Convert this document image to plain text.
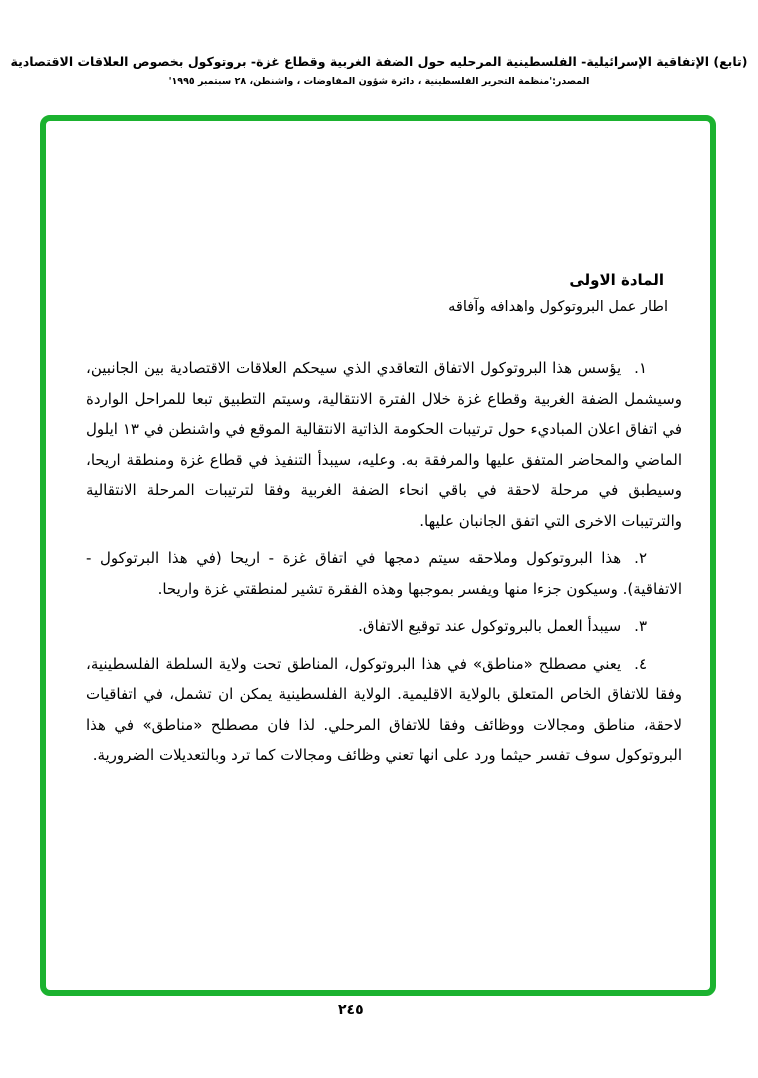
(تابع) الإتفاقية الإسرائيلية- الفلسطينية المرحليه حول الضفة الغربية وقطاع غزة- بروتوكول بخصوص العلاقات الاقتصادية
المصدر:'منظمة التحرير الفلسطينية ، دائرة شؤون المفاوضات ، واشنطن، ٢٨ سبتمبر ١٩٩٥'
المادة الاولى
اطار عمل البروتوكول واهدافه وآفاقه

١.يؤسس هذا البروتوكول الاتفاق التعاقدي الذي سيحكم العلاقات الاقتصادية بين الجانبين، وسيشمل الضفة الغربية وقطاع غزة خلال الفترة الانتقالية، وسيتم التطبيق تبعا للمراحل الواردة في اتفاق اعلان المباديء حول ترتيبات الحكومة الذاتية الانتقالية الموقع في واشنطن في ١٣ ايلول الماضي والمحاضر المتفق عليها والمرفقة به. وعليه، سيبدأ التنفيذ في قطاع غزة ومنطقة اريحا، وسيطبق في مرحلة لاحقة في باقي انحاء الضفة الغربية وفقا لترتيبات المرحلة الانتقالية والترتيبات الاخرى التي اتفق الجانبان عليها.

٢.هذا البروتوكول وملاحقه سيتم دمجها في اتفاق غزة - اريحا (في هذا البرتوكول - الاتفاقية). وسيكون جزءا منها ويفسر بموجبها وهذه الفقرة تشير لمنطقتي غزة واريحا.

٣.سيبدأ العمل بالبروتوكول عند توقيع الاتفاق.

٤.يعني مصطلح «مناطق» في هذا البروتوكول، المناطق تحت ولاية السلطة الفلسطينية، وفقا للاتفاق الخاص المتعلق بالولاية الاقليمية. الولاية الفلسطينية يمكن ان تشمل، في اتفاقيات لاحقة، مناطق ومجالات ووظائف وفقا للاتفاق المرحلي. لذا فان مصطلح «مناطق» في هذا البروتوكول سوف تفسر حيثما ورد على انها تعني وظائف ومجالات كما ترد وبالتعديلات الضرورية.

٢٤٥
